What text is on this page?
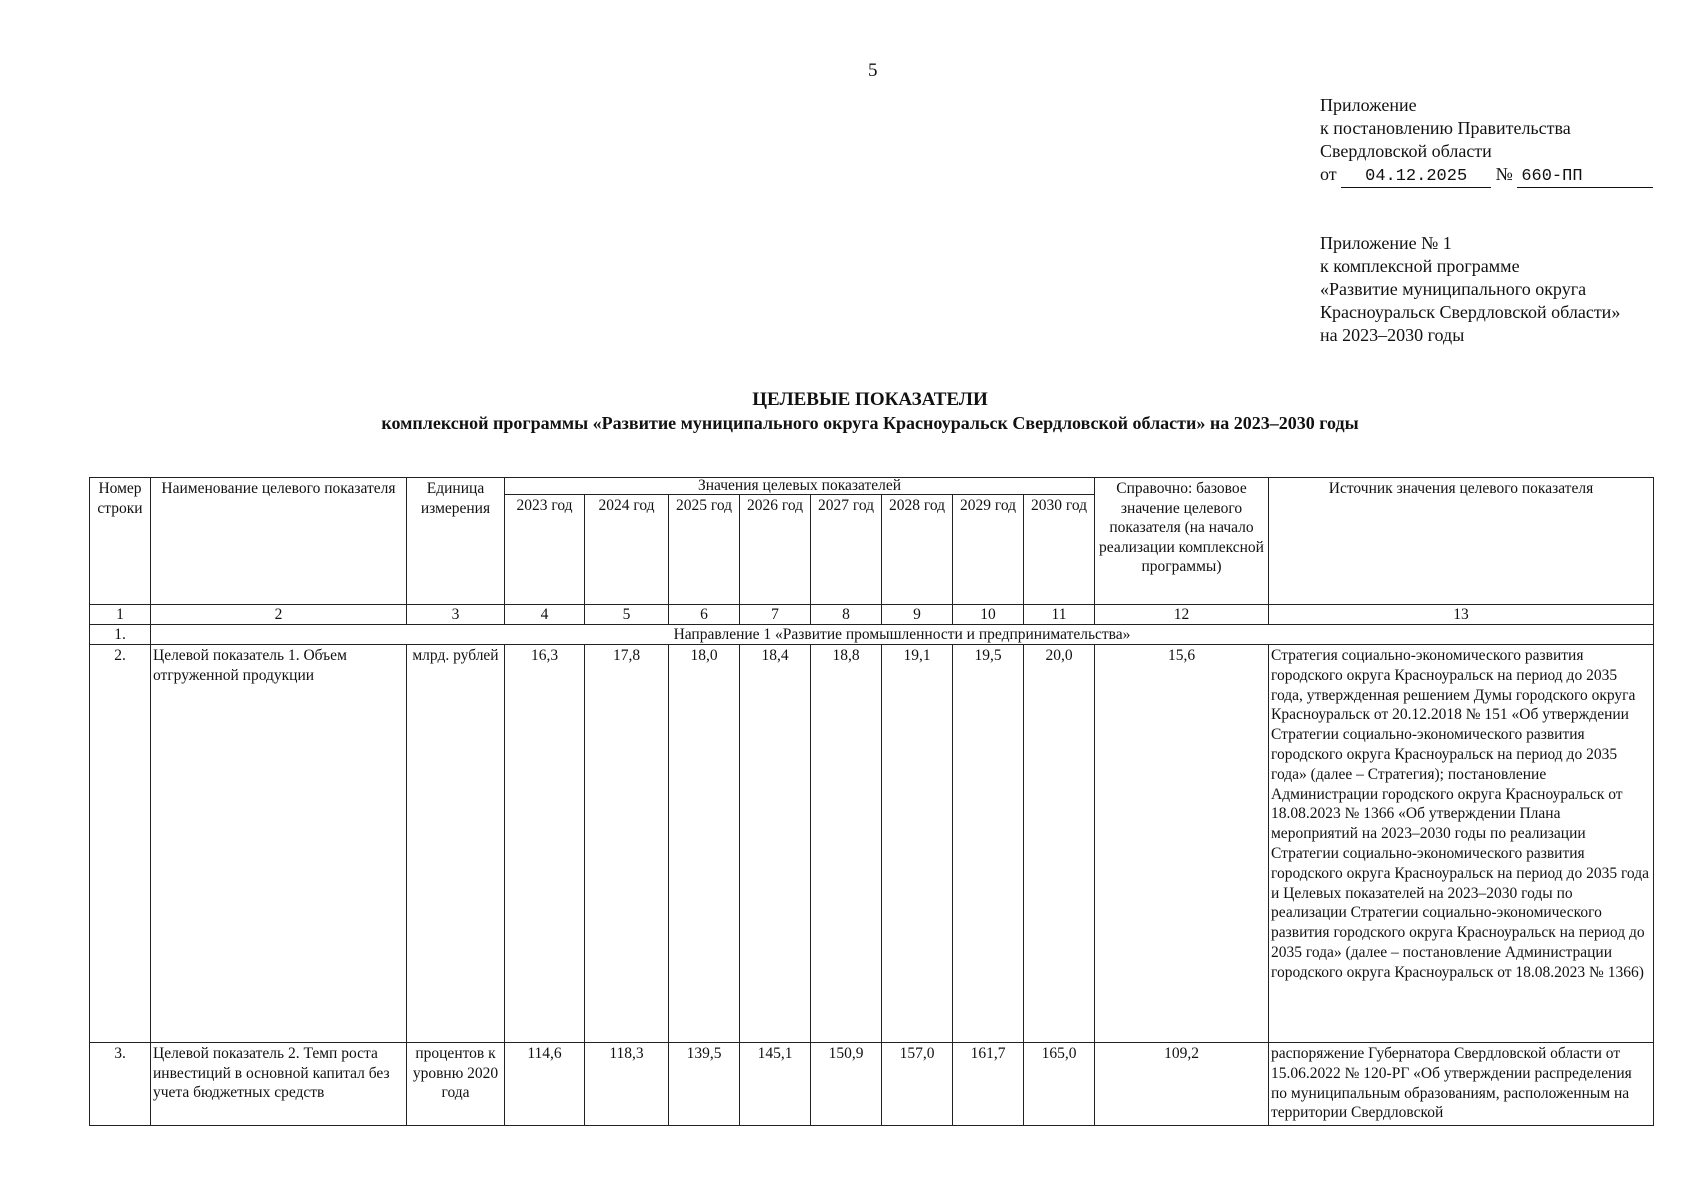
5
Приложение
к постановлению Правительства
Свердловской области
от 04.12.2025 № 660-ПП
Приложение № 1
к комплексной программе
«Развитие муниципального округа
Красноуральск Свердловской области»
на 2023–2030 годы
ЦЕЛЕВЫЕ ПОКАЗАТЕЛИ
комплексной программы «Развитие муниципального округа Красноуральск Свердловской области» на 2023–2030 годы
Номер строки	Наименование целевого показателя	Единица измерения	Значения целевых показателей								Справочно: базовое значение целевого показателя (на начало реализации комплексной программы)	Источник значения целевого показателя
			2023 год	2024 год	2025 год	2026 год	2027 год	2028 год	2029 год	2030 год		
1	2	3	4	5	6	7	8	9	10	11	12	13
1.	Направление 1 «Развитие промышленности и предпринимательства»											
2.	Целевой показатель 1. Объем отгруженной продукции	млрд. рублей	16,3	17,8	18,0	18,4	18,8	19,1	19,5	20,0	15,6	Стратегия социально-экономического развития городского округа Красноуральск на период до 2035 года, утвержденная решением Думы городского округа Красноуральск от 20.12.2018 № 151 «Об утверждении Стратегии социально-экономического развития городского округа Красноуральск на период до 2035 года» (далее – Стратегия); постановление Администрации городского округа Красноуральск от 18.08.2023 № 1366 «Об утверждении Плана мероприятий на 2023–2030 годы по реализации Стратегии социально-экономического развития городского округа Красноуральск на период до 2035 года и Целевых показателей на 2023–2030 годы по реализации Стратегии социально-экономического развития городского округа Красноуральск на период до 2035 года» (далее – постановление Администрации городского округа Красноуральск от 18.08.2023 № 1366)
3.	Целевой показатель 2. Темп роста инвестиций в основной капитал без учета бюджетных средств	процентов к уровню 2020 года	114,6	118,3	139,5	145,1	150,9	157,0	161,7	165,0	109,2	распоряжение Губернатора Свердловской области от 15.06.2022 № 120-РГ «Об утверждении распределения по муниципальным образованиям, расположенным на территории Свердловской
